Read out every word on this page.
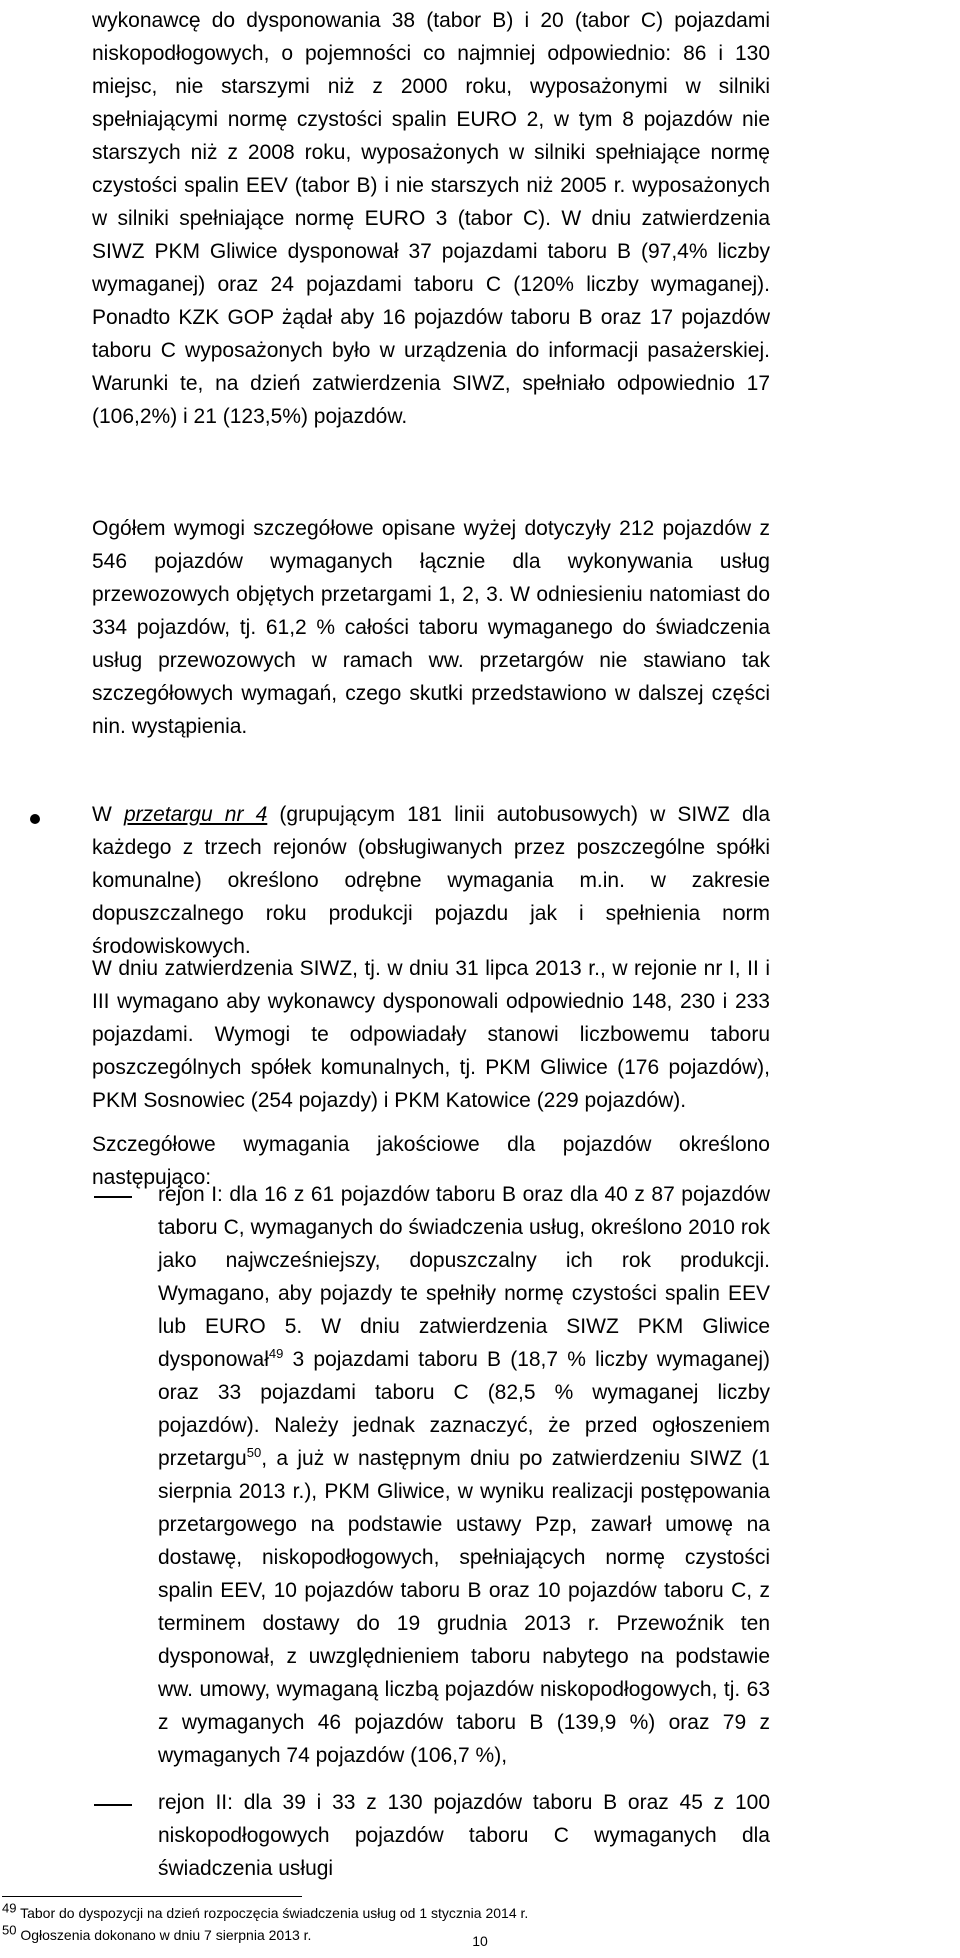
wykonawcę do dysponowania 38 (tabor B) i 20 (tabor C) pojazdami niskopodłogowych, o pojemności co najmniej odpowiednio: 86 i 130 miejsc, nie starszymi niż z 2000 roku, wyposażonymi w silniki spełniającymi normę czystości spalin EURO 2, w tym 8 pojazdów nie starszych niż z 2008 roku, wyposażonych w silniki spełniające normę czystości spalin EEV (tabor B) i nie starszych niż 2005 r. wyposażonych w silniki spełniające normę EURO 3 (tabor C). W dniu zatwierdzenia SIWZ PKM Gliwice dysponował 37 pojazdami taboru B (97,4% liczby wymaganej) oraz 24 pojazdami taboru C (120% liczby wymaganej). Ponadto KZK GOP żądał aby 16 pojazdów taboru B oraz 17 pojazdów taboru C wyposażonych było w urządzenia do informacji pasażerskiej. Warunki te, na dzień zatwierdzenia SIWZ, spełniało odpowiednio 17 (106,2%) i 21 (123,5%) pojazdów.

Ogółem wymogi szczegółowe opisane wyżej dotyczyły 212 pojazdów z 546 pojazdów wymaganych łącznie dla wykonywania usług przewozowych objętych przetargami 1, 2, 3. W odniesieniu natomiast do 334 pojazdów, tj. 61,2 % całości taboru wymaganego do świadczenia usług przewozowych w ramach ww. przetargów nie stawiano tak szczegółowych wymagań, czego skutki przedstawiono w dalszej części nin. wystąpienia.

W przetargu nr 4 (grupującym 181 linii autobusowych) w SIWZ dla każdego z trzech rejonów (obsługiwanych przez poszczególne spółki komunalne) określono odrębne wymagania m.in. w zakresie dopuszczalnego roku produkcji pojazdu jak i spełnienia norm środowiskowych.

W dniu zatwierdzenia SIWZ, tj. w dniu 31 lipca 2013 r., w rejonie nr I, II i III wymagano aby wykonawcy dysponowali odpowiednio 148, 230 i 233 pojazdami. Wymogi te odpowiadały stanowi liczbowemu taboru poszczególnych spółek komunalnych, tj. PKM Gliwice (176 pojazdów), PKM Sosnowiec (254 pojazdy) i PKM Katowice (229 pojazdów).

Szczegółowe wymagania jakościowe dla pojazdów określono następująco:

rejon I: dla 16 z 61 pojazdów taboru B oraz dla 40 z 87 pojazdów taboru C, wymaganych do świadczenia usług, określono 2010 rok jako najwcześniejszy, dopuszczalny ich rok produkcji. Wymagano, aby pojazdy te spełniły normę czystości spalin EEV lub EURO 5. W dniu zatwierdzenia SIWZ PKM Gliwice dysponował$^{49}$ 3 pojazdami taboru B (18,7 % liczby wymaganej) oraz 33 pojazdami taboru C (82,5 % wymaganej liczby pojazdów). Należy jednak zaznaczyć, że przed ogłoszeniem przetargu$^{50}$, a już w następnym dniu po zatwierdzeniu SIWZ (1 sierpnia 2013 r.), PKM Gliwice, w wyniku realizacji postępowania przetargowego na podstawie ustawy Pzp, zawarł umowę na dostawę, niskopodłogowych, spełniających normę czystości spalin EEV, 10 pojazdów taboru B oraz 10 pojazdów taboru C, z terminem dostawy do 19 grudnia 2013 r. Przewoźnik ten dysponował, z uwzględnieniem taboru nabytego na podstawie ww. umowy, wymaganą liczbą pojazdów niskopodłogowych, tj. 63 z wymaganych 46 pojazdów taboru B (139,9 %) oraz 79 z wymaganych 74 pojazdów (106,7 %),

rejon II: dla 39 i 33 z 130 pojazdów taboru B oraz 45 z 100 niskopodłogowych pojazdów taboru C wymaganych dla świadczenia usługi

$^{49}$ Tabor do dyspozycji na dzień rozpoczęcia świadczenia usług od 1 stycznia 2014 r.
$^{50}$ Ogłoszenia dokonano w dniu 7 sierpnia 2013 r.	10
